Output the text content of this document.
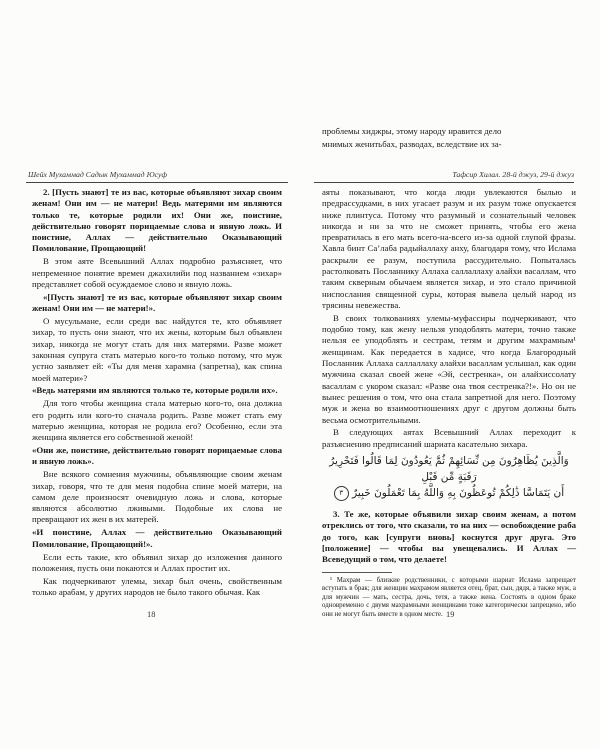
Шейх Мухаммад Садык Мухаммад Юсуф

2. [Пусть знают] те из вас, которые объявляют зихар своим женам! Они им — не матери! Ведь матерями им являются только те, которые родили их! Они же, поистине, действительно говорят порицаемые слова и явную ложь. И поистине, Аллах — действительно Оказывающий Помилование, Прощающий!

В этом аяте Всевышний Аллах подробно разъясняет, что непременное понятие времен джахилийи под названием «зихар» представляет собой осуждаемое слово и явную ложь.

«[Пусть знают] те из вас, которые объявляют зихар своим женам! Они им — не матери!».

О мусульмане, если среди вас найдутся те, кто объявляет зихар, то пусть они знают, что их жены, которым был объявлен зихар, никогда не могут стать для них матерями. Разве может законная супруга стать матерью кого-то только потому, что муж устно заявляет ей: «Ты для меня харамна (запретна), как спина моей матери»?

«Ведь матерями им являются только те, которые родили их».

Для того чтобы женщина стала матерью кого-то, она должна его родить или кого-то сначала родить. Разве может стать ему матерью женщина, которая не родила его? Особенно, если эта женщина является его собственной женой!

«Они же, поистине, действительно говорят порицаемые слова и явную ложь».

Вне всякого сомнения мужчины, объявляющие своим женам зихар, говоря, что те для меня подобна спине моей матери, на самом деле произносят очевидную ложь и слова, которые являются абсолютно лживыми. Подобные их слова не превращают их жен в их матерей.

«И поистине, Аллах — действительно Оказывающий Помилование, Прощающий!».

Если есть такие, кто объявил зихар до изложения данного положения, пусть они покаются и Аллах простит их.

Как подчеркивают улемы, зихар был очень, свойственным только арабам, у других народов не было такого обычая. Как

18
Тафсир Хилал. 28-й джуз, 29-й джуз

проблемы хиджры, этому народу нравится дело

мнимых женитьбах, разводах, вследствие их за-

аяты показывают, что когда люди увлекаются былью и предрассудками, в них угасает разум и их разум тоже опускается ниже плинтуса. Потому что разумный и сознательный человек никогда и ни за что не сможет принять, чтобы его жена превратилась в его мать всего-на-всего из-за одной глупой фразы. Хавла бинт Са’лаба радыйаллаху анху, благодаря тому, что Ислама раскрыли ее разум, поступила рассудительно. Попыталась растолковать Посланнику Аллаха саллаллаху алайхи васаллам, что таким скверным обычаем является зихар, и это стало причиной ниспослания священной суры, которая вывела целый народ из трясины невежества.

В своих толкованиях улемы-муфассиры подчеркивают, что подобно тому, как жену нельзя уподоблять матери, точно также нельзя ее уподоблять и сестрам, тетям и другим махрамным¹ женщинам. Как передается в хадисе, что когда Благородный Посланник Аллаха саллаллаху алайхи васаллам услышал, как один мужчина сказал своей жене «Эй, сестренка», он алайхиссолату васаллам с укором сказал: «Разве она твоя сестренка?!». Но он не вынес решения о том, что она стала запретной для него. Поэтому муж и жена во взаимоотношениях друг с другом должны быть весьма осмотрительными.

В следующих аятах Всевышний Аллах переходит к разъяснению предписаний шариата касательно зихара.

وَالَّذِينَ يُظَاهِرُونَ مِن نِّسَائِهِمْ ثُمَّ يَعُودُونَ لِمَا قَالُوا فَتَحْرِيرُ رَقَبَةٍ مِّن قَبْلِ
أَن يَتَمَاسَّا ذَٰلِكُمْ تُوعَظُونَ بِهِ وَاللَّهُ بِمَا تَعْمَلُونَ خَبِيرٌ ٣

3. Те же, которые объявили зихар своим женам, а потом отреклись от того, что сказали, то на них — освобождение раба до того, как [супруги вновь] коснутся друг друга. Это [положение] — чтобы вы увещевались. И Аллах — Всеведущий о том, что делаете!

¹ Махрам — близкие родственники, с которыми шариат Ислама запрещает вступать в брак; для женщин махрамом является отец, брат, сын, дядя, а также муж, а для мужчин — мать, сестра, дочь, тетя, а также жена. Состоять в одном браке одновременно с двумя махрамными женщинами тоже категорически запрещено, ибо они не могут быть вместе в одном месте. 19
